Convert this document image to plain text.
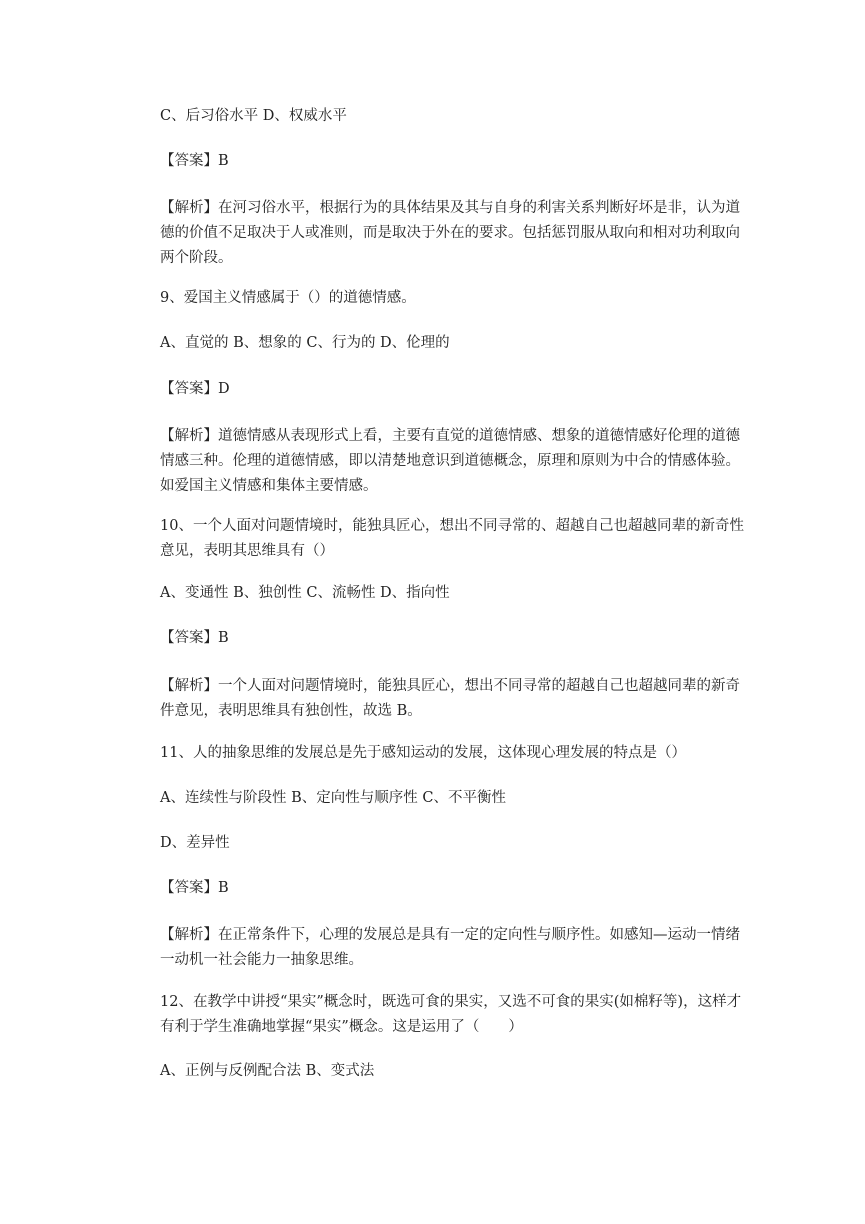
C、后习俗水平 D、权威水平

【答案】B

【解析】在河习俗水平，根据行为的具体结果及其与自身的利害关系判断好坏是非，认为道德的价值不足取决于人或准则，而是取决于外在的要求。包括惩罚服从取向和相对功利取向两个阶段。

9、爱国主义情感属于（）的道德情感。

A、直觉的 B、想象的 C、行为的 D、伦理的

【答案】D

【解析】道德情感从表现形式上看，主要有直觉的道德情感、想象的道德情感好伦理的道德情感三种。伦理的道德情感，即以清楚地意识到道德概念，原理和原则为中合的情感体验。如爱国主义情感和集体主要情感。

10、一个人面对问题情境时，能独具匠心，想出不同寻常的、超越自己也超越同辈的新奇性意见，表明其思维具有（）

A、变通性 B、独创性 C、流畅性 D、指向性

【答案】B

【解析】一个人面对问题情境时，能独具匠心，想出不同寻常的超越自己也超越同辈的新奇件意见，表明思维具有独创性，故选 B。

11、人的抽象思维的发展总是先于感知运动的发展，这体现心理发展的特点是（）

A、连续性与阶段性 B、定向性与顺序性 C、不平衡性

D、差异性

【答案】B

【解析】在正常条件下，心理的发展总是具有一定的定向性与顺序性。如感知—运动一情绪一动机一社会能力一抽象思维。

12、在教学中讲授“果实”概念时，既选可食的果实，又选不可食的果实(如棉籽等)，这样才有利于学生准确地掌握“果实”概念。这是运用了（　　）

A、正例与反例配合法 B、变式法
